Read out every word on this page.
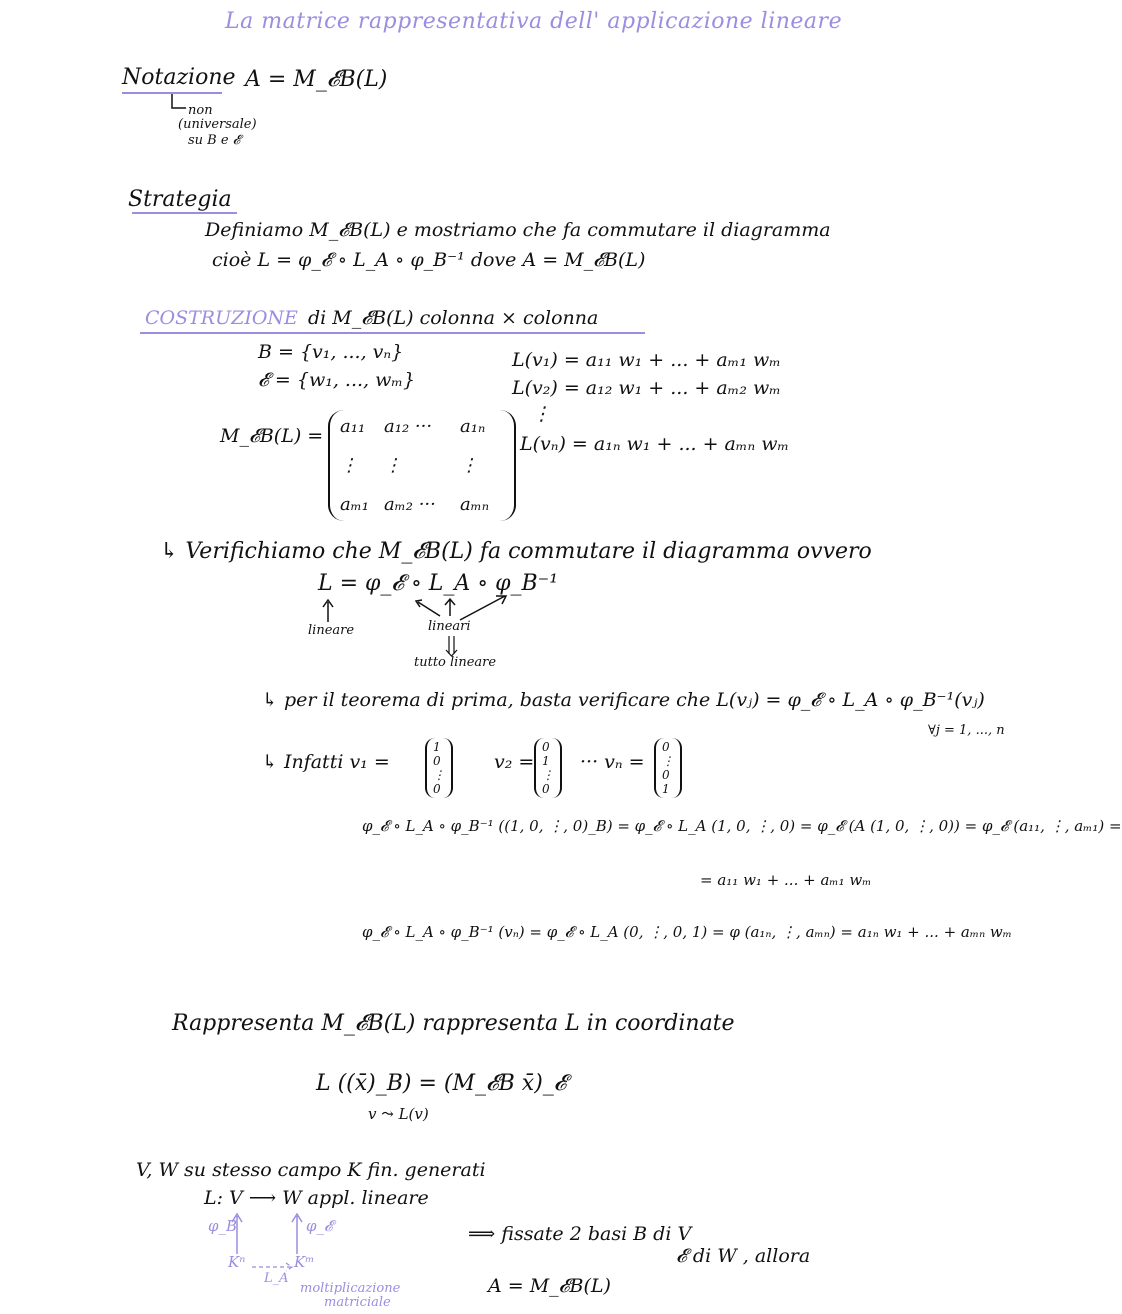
La matrice rappresentativa dell' applicazione lineare
Notazione A = M_𝓔B(L)
non
(universale)
su B e 𝓔
Strategia
Definiamo M_𝓔B(L) e mostriamo che fa commutare il diagramma
cioè L = φ_𝓔 ∘ L_A ∘ φ_B⁻¹ dove A = M_𝓔B(L)
COSTRUZIONE di M_𝓔B(L) colonna × colonna
B = {v₁, ..., vₙ}
𝓔 = {w₁, ..., wₘ}
L(v₁) = a₁₁ w₁ + ... + aₘ₁ wₘ
L(v₂) = a₁₂ w₁ + ... + aₘ₂ wₘ
⋮
L(vₙ) = a₁ₙ w₁ + ... + aₘₙ wₘ
M_𝓔B(L) = a₁₁	a₁₂ ···	a₁ₙ
⋮	⋮	⋮
aₘ₁ aₘ₂ ···	aₘₙ
↳ Verifichiamo che M_𝓔B(L) fa commutare il diagramma ovvero
L = φ_𝓔 ∘ L_A ∘ φ_B⁻¹
lineare	lineari
tutto lineare
↳ per il teorema di prima, basta verificare che L(vⱼ) = φ_𝓔 ∘ L_A ∘ φ_B⁻¹(vⱼ)
∀j = 1, ..., n
↳ Infatti v₁ =
1
0
⋮
0
v₂ =
0
1
⋮
0
··· vₙ =
0
⋮
0
1
φ_𝓔 ∘ L_A ∘ φ_B⁻¹ ((1, 0, ⋮, 0)_B) = φ_𝓔 ∘ L_A (1, 0, ⋮, 0) = φ_𝓔 (A (1, 0, ⋮, 0)) = φ_𝓔 (a₁₁, ⋮, aₘ₁) =
= a₁₁ w₁ + ... + aₘ₁ wₘ
φ_𝓔 ∘ L_A ∘ φ_B⁻¹ (vₙ) = φ_𝓔 ∘ L_A (0, ⋮, 0, 1) = φ (a₁ₙ, ⋮, aₘₙ) = a₁ₙ w₁ + ... + aₘₙ wₘ
Rappresenta M_𝓔B(L) rappresenta L in coordinate
L ((x̄)_B) = (M_𝓔B x̄)_𝓔
v ⤳ L(v)
V, W su stesso campo K fin. generati
L: V ⟶ W appl. lineare
φ_B	φ_𝓔
Kⁿ	Kᵐ
L_A
moltiplicazione
matriciale
⟹ fissate 2 basi B di V
𝓔 di W , allora
A = M_𝓔B(L)
